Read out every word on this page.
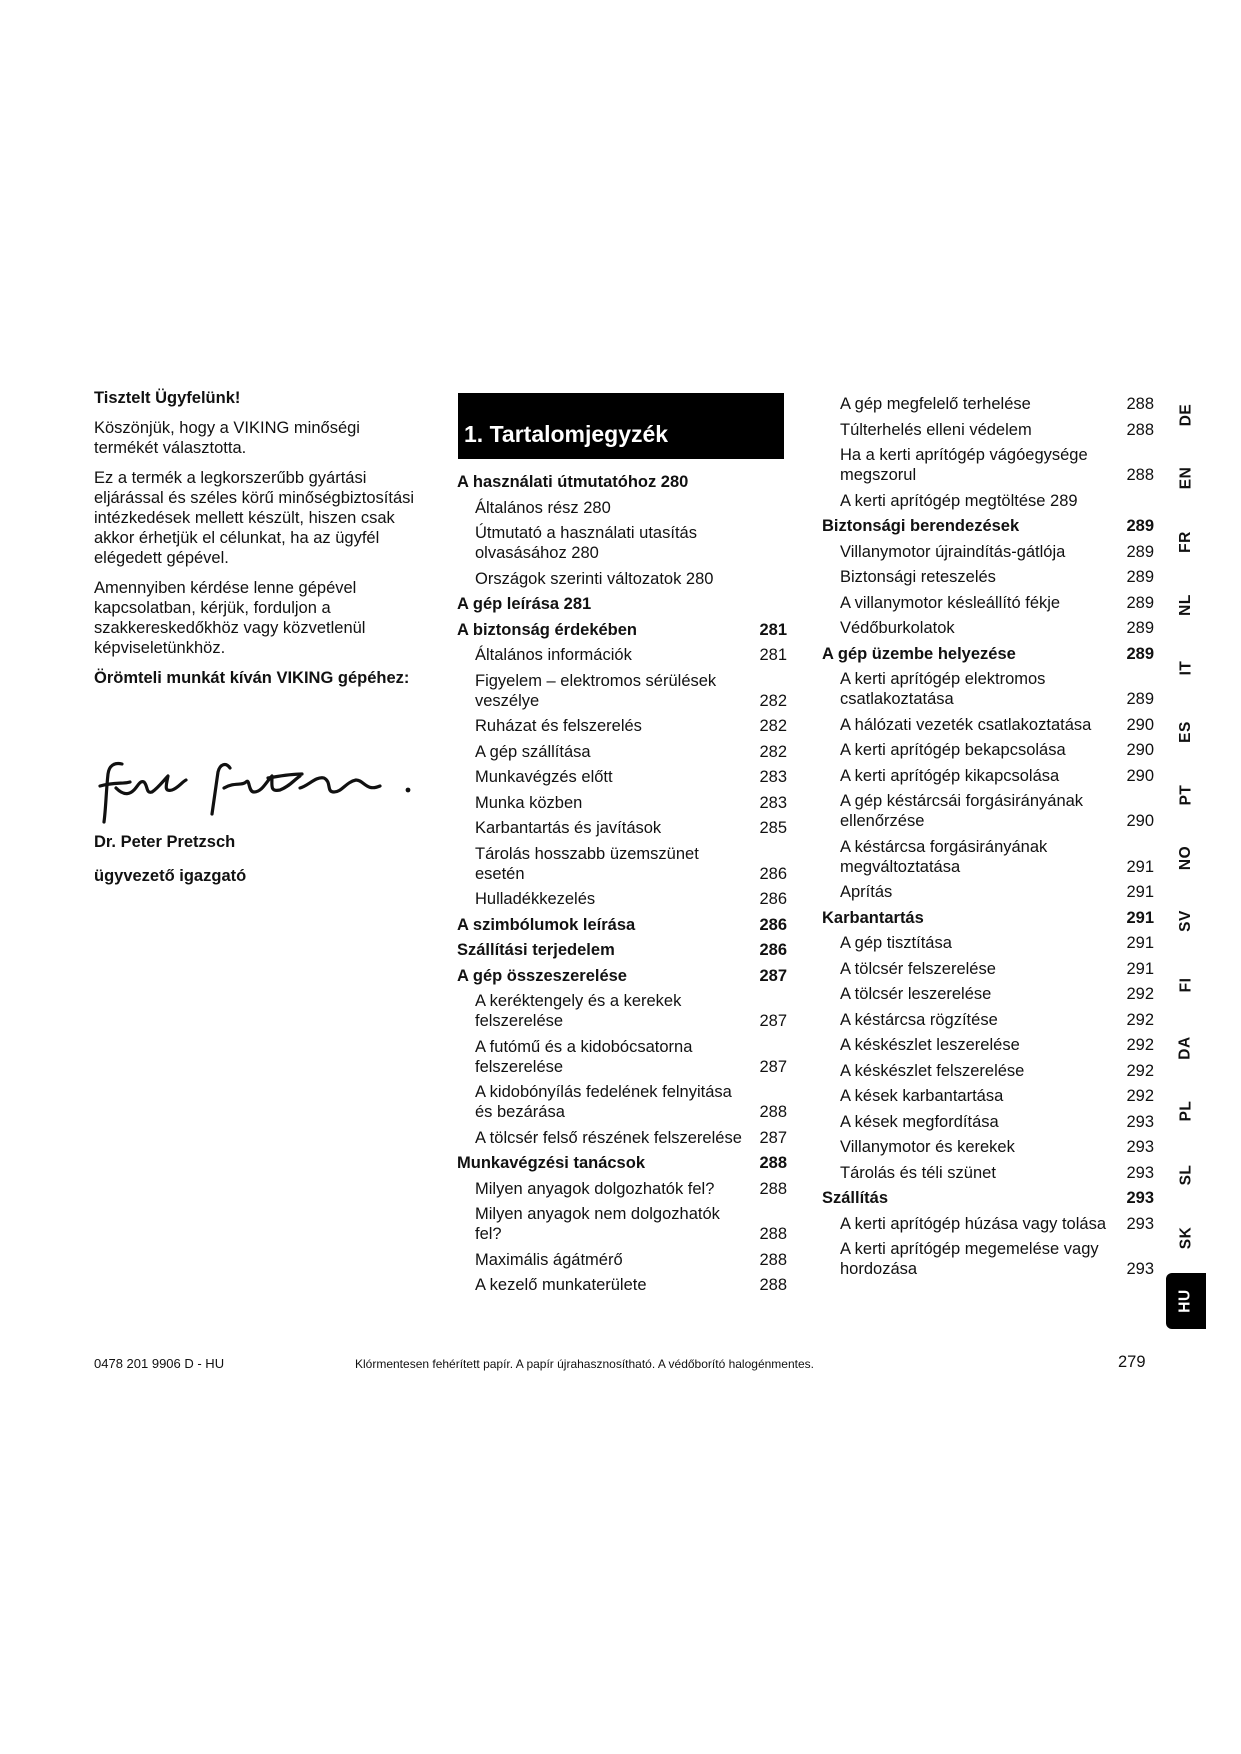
Tisztelt Ügyfelünk!

Köszönjük, hogy a VIKING minőségi termékét választotta.

Ez a termék a legkorszerűbb gyártási eljárással és széles körű minőségbiztosítási intézkedések mellett készült, hiszen csak akkor érhetjük el célunkat, ha az ügyfél elégedett gépével.

Amennyiben kérdése lenne gépével kapcsolatban, kérjük, forduljon a szakkereskedőkhöz vagy közvetlenül képviseletünkhöz.

Örömteli munkát kíván VIKING gépéhez:

Dr. Peter Pretzsch
ügyvezető igazgató
1. Tartalomjegyzék
A használati útmutatóhoz 280
Általános rész 280
Útmutató a használati utasítás olvasásához 280
Országok szerinti változatok 280
A gép leírása 281
A biztonság érdekében	281
Általános információk	281
Figyelem – elektromos sérülések veszélye	282
Ruházat és felszerelés	282
A gép szállítása	282
Munkavégzés előtt	283
Munka közben	283
Karbantartás és javítások	285
Tárolás hosszabb üzemszünet esetén	286
Hulladékkezelés	286
A szimbólumok leírása	286
Szállítási terjedelem	286
A gép összeszerelése	287
A keréktengely és a kerekek felszerelése	287
A futómű és a kidobócsatorna felszerelése	287
A kidobónyílás fedelének felnyitása és bezárása	288
A tölcsér felső részének felszerelése	287
Munkavégzési tanácsok	288
Milyen anyagok dolgozhatók fel?	288
Milyen anyagok nem dolgozhatók fel?	288
Maximális ágátmérő	288
A kezelő munkaterülete	288
A gép megfelelő terhelése	288
Túlterhelés elleni védelem	288
Ha a kerti aprítógép vágóegysége megszorul	288
A kerti aprítógép megtöltése 289
Biztonsági berendezések	289
Villanymotor újraindítás-gátlója	289
Biztonsági reteszelés	289
A villanymotor késleállító fékje	289
Védőburkolatok	289
A gép üzembe helyezése	289
A kerti aprítógép elektromos csatlakoztatása	289
A hálózati vezeték csatlakoztatása	290
A kerti aprítógép bekapcsolása	290
A kerti aprítógép kikapcsolása	290
A gép késtárcsái forgásirányának ellenőrzése	290
A késtárcsa forgásirányának megváltoztatása	291
Aprítás	291
Karbantartás	291
A gép tisztítása	291
A tölcsér felszerelése	291
A tölcsér leszerelése	292
A késtárcsa rögzítése	292
A késkészlet leszerelése	292
A késkészlet felszerelése	292
A kések karbantartása	292
A kések megfordítása	293
Villanymotor és kerekek	293
Tárolás és téli szünet	293
Szállítás	293
A kerti aprítógép húzása vagy tolása	293
A kerti aprítógép megemelése vagy hordozása	293
DE
EN
FR
NL
IT
ES
PT
NO
SV
FI
DA
PL
SL
SK
HU
0478 201 9906 D - HU	Klórmentesen fehérített papír. A papír újrahasznosítható. A védőborító halogénmentes.	279
